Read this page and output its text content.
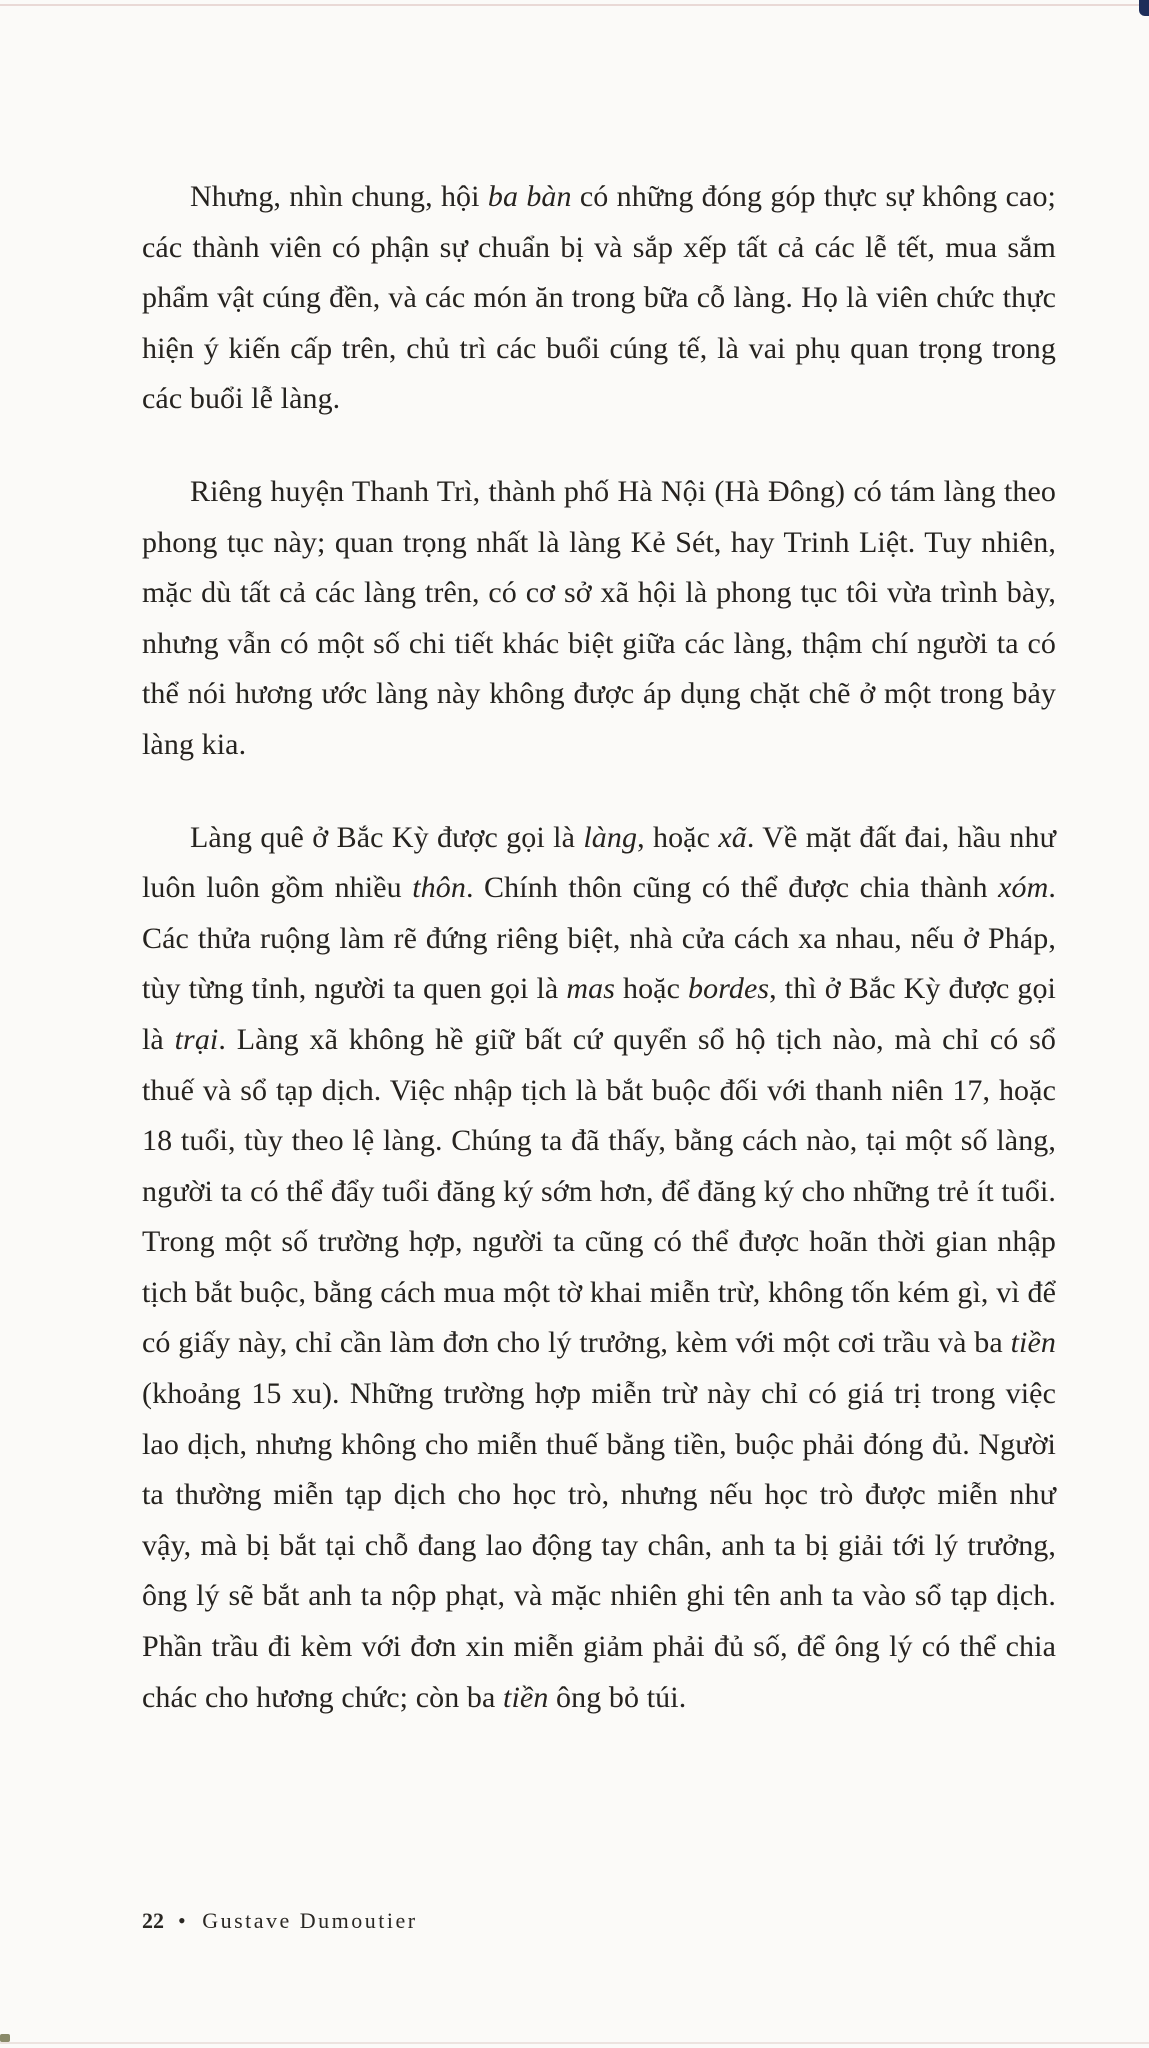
Nhưng, nhìn chung, hội ba bàn có những đóng góp thực sự không cao; các thành viên có phận sự chuẩn bị và sắp xếp tất cả các lễ tết, mua sắm phẩm vật cúng đền, và các món ăn trong bữa cỗ làng. Họ là viên chức thực hiện ý kiến cấp trên, chủ trì các buổi cúng tế, là vai phụ quan trọng trong các buổi lễ làng.

Riêng huyện Thanh Trì, thành phố Hà Nội (Hà Đông) có tám làng theo phong tục này; quan trọng nhất là làng Kẻ Sét, hay Trinh Liệt. Tuy nhiên, mặc dù tất cả các làng trên, có cơ sở xã hội là phong tục tôi vừa trình bày, nhưng vẫn có một số chi tiết khác biệt giữa các làng, thậm chí người ta có thể nói hương ước làng này không được áp dụng chặt chẽ ở một trong bảy làng kia.

Làng quê ở Bắc Kỳ được gọi là làng, hoặc xã. Về mặt đất đai, hầu như luôn luôn gồm nhiều thôn. Chính thôn cũng có thể được chia thành xóm. Các thửa ruộng làm rẽ đứng riêng biệt, nhà cửa cách xa nhau, nếu ở Pháp, tùy từng tỉnh, người ta quen gọi là mas hoặc bordes, thì ở Bắc Kỳ được gọi là trại. Làng xã không hề giữ bất cứ quyển sổ hộ tịch nào, mà chỉ có sổ thuế và sổ tạp dịch. Việc nhập tịch là bắt buộc đối với thanh niên 17, hoặc 18 tuổi, tùy theo lệ làng. Chúng ta đã thấy, bằng cách nào, tại một số làng, người ta có thể đẩy tuổi đăng ký sớm hơn, để đăng ký cho những trẻ ít tuổi. Trong một số trường hợp, người ta cũng có thể được hoãn thời gian nhập tịch bắt buộc, bằng cách mua một tờ khai miễn trừ, không tốn kém gì, vì để có giấy này, chỉ cần làm đơn cho lý trưởng, kèm với một cơi trầu và ba tiền (khoảng 15 xu). Những trường hợp miễn trừ này chỉ có giá trị trong việc lao dịch, nhưng không cho miễn thuế bằng tiền, buộc phải đóng đủ. Người ta thường miễn tạp dịch cho học trò, nhưng nếu học trò được miễn như vậy, mà bị bắt tại chỗ đang lao động tay chân, anh ta bị giải tới lý trưởng, ông lý sẽ bắt anh ta nộp phạt, và mặc nhiên ghi tên anh ta vào sổ tạp dịch. Phần trầu đi kèm với đơn xin miễn giảm phải đủ số, để ông lý có thể chia chác cho hương chức; còn ba tiền ông bỏ túi.

22 • Gustave Dumoutier
